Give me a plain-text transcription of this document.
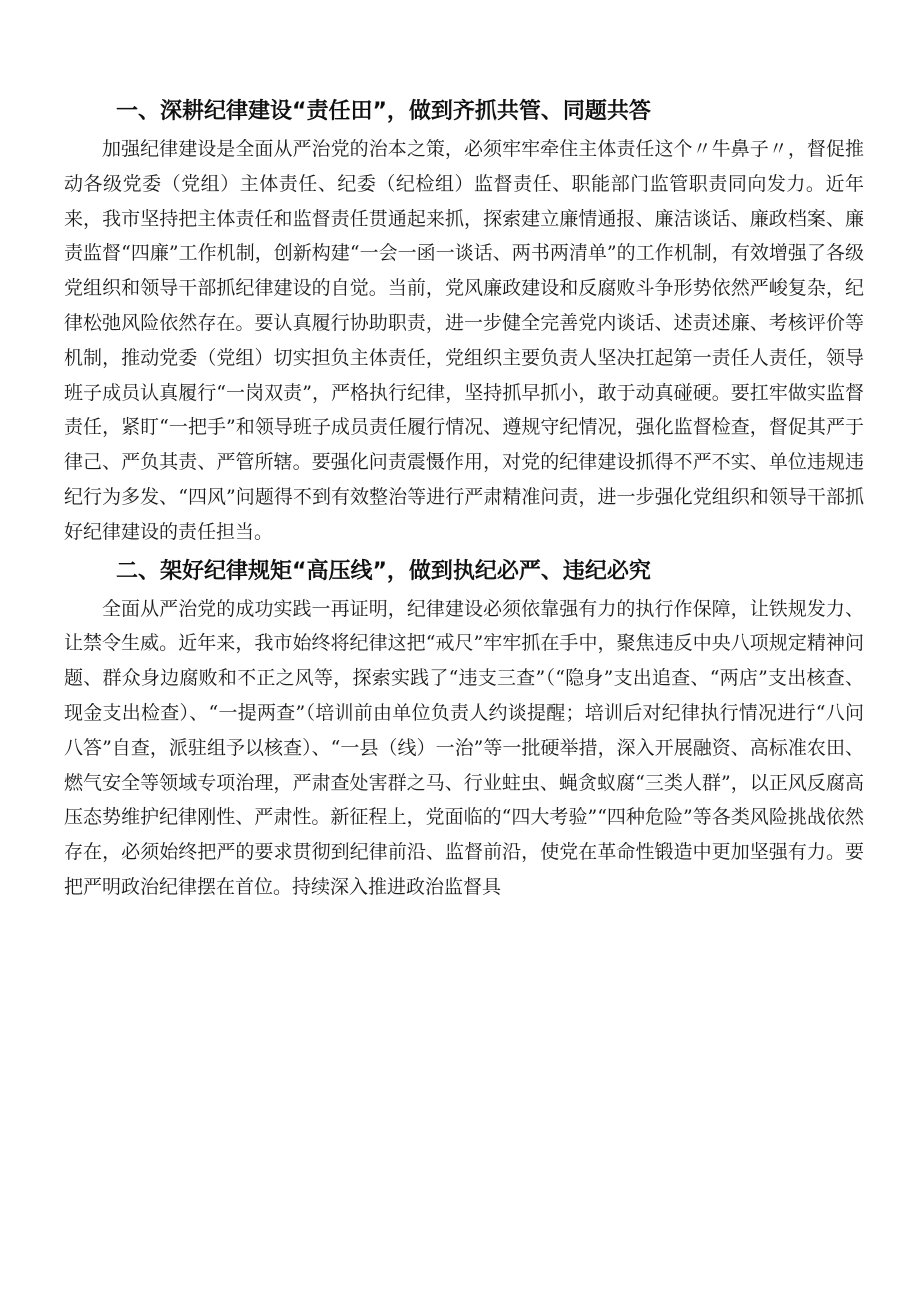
一、深耕纪律建设“责任田”，做到齐抓共管、同题共答

加强纪律建设是全面从严治党的治本之策，必须牢牢牵住主体责任这个〃牛鼻子〃，督促推动各级党委（党组）主体责任、纪委（纪检组）监督责任、职能部门监管职责同向发力。近年来，我市坚持把主体责任和监督责任贯通起来抓，探索建立廉情通报、廉洁谈话、廉政档案、廉责监督“四廉”工作机制，创新构建“一会一函一谈话、两书两清单”的工作机制，有效增强了各级党组织和领导干部抓纪律建设的自觉。当前，党风廉政建设和反腐败斗争形势依然严峻复杂，纪律松弛风险依然存在。要认真履行协助职责，进一步健全完善党内谈话、述责述廉、考核评价等机制，推动党委（党组）切实担负主体责任，党组织主要负责人坚决扛起第一责任人责任，领导班子成员认真履行“一岗双责”，严格执行纪律，坚持抓早抓小，敢于动真碰硬。要扛牢做实监督责任，紧盯“一把手”和领导班子成员责任履行情况、遵规守纪情况，强化监督检查，督促其严于律己、严负其责、严管所辖。要强化问责震慑作用，对党的纪律建设抓得不严不实、单位违规违纪行为多发、“四风”问题得不到有效整治等进行严肃精准问责，进一步强化党组织和领导干部抓好纪律建设的责任担当。

二、架好纪律规矩“高压线”，做到执纪必严、违纪必究

全面从严治党的成功实践一再证明，纪律建设必须依靠强有力的执行作保障，让铁规发力、让禁令生威。近年来，我市始终将纪律这把“戒尺”牢牢抓在手中，聚焦违反中央八项规定精神问题、群众身边腐败和不正之风等，探索实践了“违支三查”（“隐身”支出追查、“两店”支出核查、现金支出检查）、“一提两查”（培训前由单位负责人约谈提醒；培训后对纪律执行情况进行“八问八答”自查，派驻组予以核查）、“一县（线）一治”等一批硬举措，深入开展融资、高标准农田、燃气安全等领域专项治理，严肃查处害群之马、行业蛀虫、蝇贪蚁腐“三类人群”，以正风反腐高压态势维护纪律刚性、严肃性。新征程上，党面临的“四大考验”“四种危险”等各类风险挑战依然存在，必须始终把严的要求贯彻到纪律前沿、监督前沿，使党在革命性锻造中更加坚强有力。要把严明政治纪律摆在首位。持续深入推进政治监督具
